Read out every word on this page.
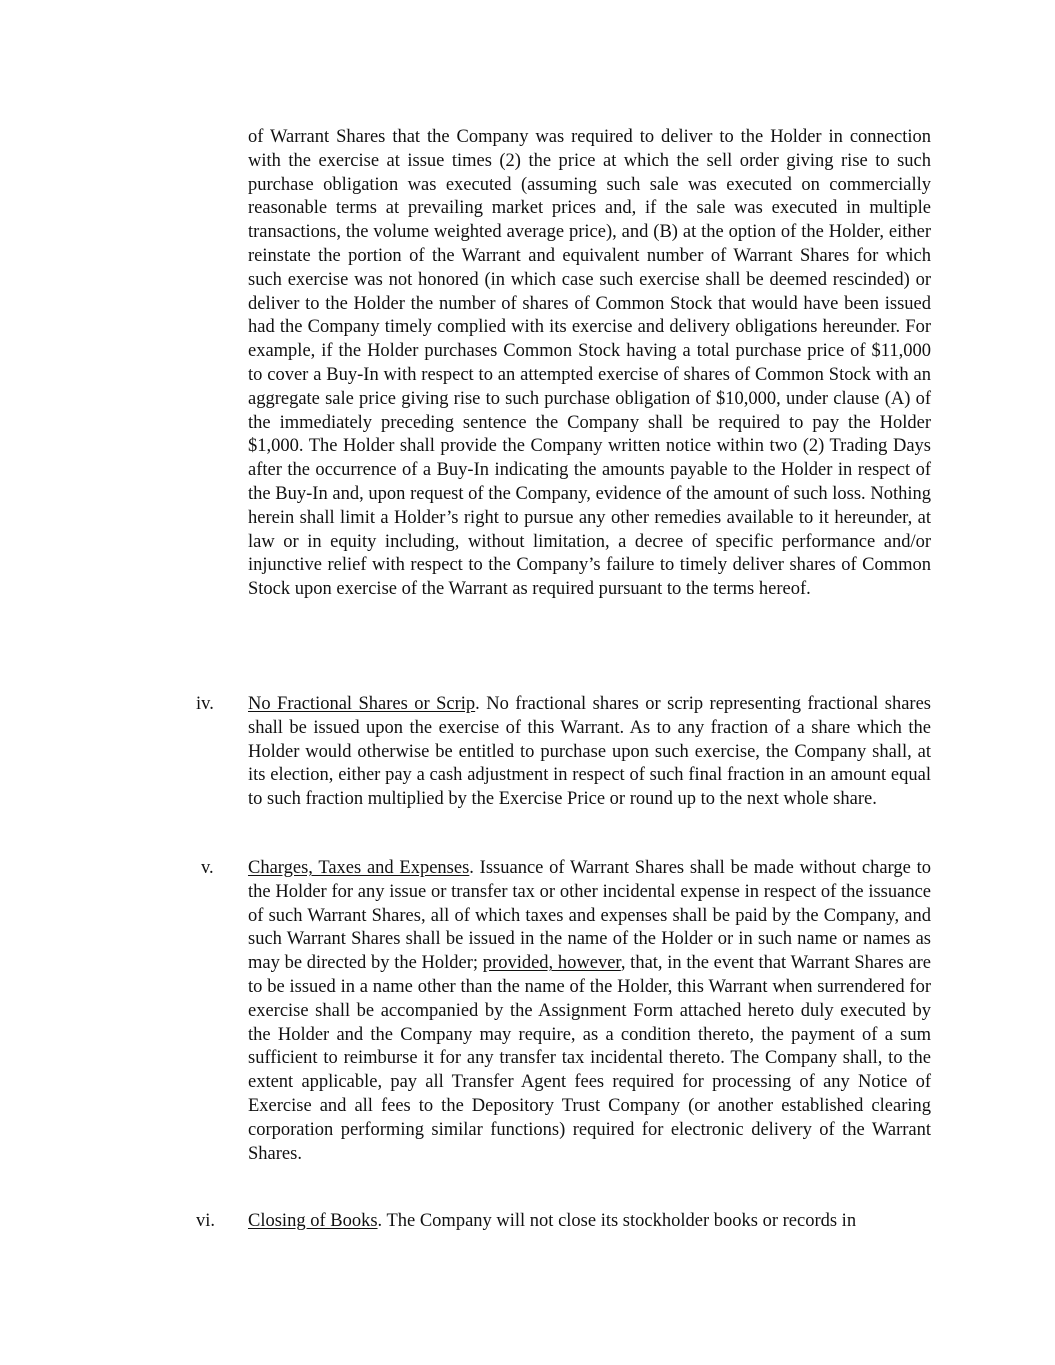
of Warrant Shares that the Company was required to deliver to the Holder in connection with the exercise at issue times (2) the price at which the sell order giving rise to such purchase obligation was executed (assuming such sale was executed on commercially reasonable terms at prevailing market prices and, if the sale was executed in multiple transactions, the volume weighted average price), and (B) at the option of the Holder, either reinstate the portion of the Warrant and equivalent number of Warrant Shares for which such exercise was not honored (in which case such exercise shall be deemed rescinded) or deliver to the Holder the number of shares of Common Stock that would have been issued had the Company timely complied with its exercise and delivery obligations hereunder. For example, if the Holder purchases Common Stock having a total purchase price of $11,000 to cover a Buy-In with respect to an attempted exercise of shares of Common Stock with an aggregate sale price giving rise to such purchase obligation of $10,000, under clause (A) of the immediately preceding sentence the Company shall be required to pay the Holder $1,000. The Holder shall provide the Company written notice within two (2) Trading Days after the occurrence of a Buy-In indicating the amounts payable to the Holder in respect of the Buy-In and, upon request of the Company, evidence of the amount of such loss. Nothing herein shall limit a Holder’s right to pursue any other remedies available to it hereunder, at law or in equity including, without limitation, a decree of specific performance and/or injunctive relief with respect to the Company’s failure to timely deliver shares of Common Stock upon exercise of the Warrant as required pursuant to the terms hereof.

iv. No Fractional Shares or Scrip. No fractional shares or scrip representing fractional shares shall be issued upon the exercise of this Warrant. As to any fraction of a share which the Holder would otherwise be entitled to purchase upon such exercise, the Company shall, at its election, either pay a cash adjustment in respect of such final fraction in an amount equal to such fraction multiplied by the Exercise Price or round up to the next whole share.

v. Charges, Taxes and Expenses. Issuance of Warrant Shares shall be made without charge to the Holder for any issue or transfer tax or other incidental expense in respect of the issuance of such Warrant Shares, all of which taxes and expenses shall be paid by the Company, and such Warrant Shares shall be issued in the name of the Holder or in such name or names as may be directed by the Holder; provided, however, that, in the event that Warrant Shares are to be issued in a name other than the name of the Holder, this Warrant when surrendered for exercise shall be accompanied by the Assignment Form attached hereto duly executed by the Holder and the Company may require, as a condition thereto, the payment of a sum sufficient to reimburse it for any transfer tax incidental thereto. The Company shall, to the extent applicable, pay all Transfer Agent fees required for processing of any Notice of Exercise and all fees to the Depository Trust Company (or another established clearing corporation performing similar functions) required for electronic delivery of the Warrant Shares.

vi. Closing of Books. The Company will not close its stockholder books or records in
